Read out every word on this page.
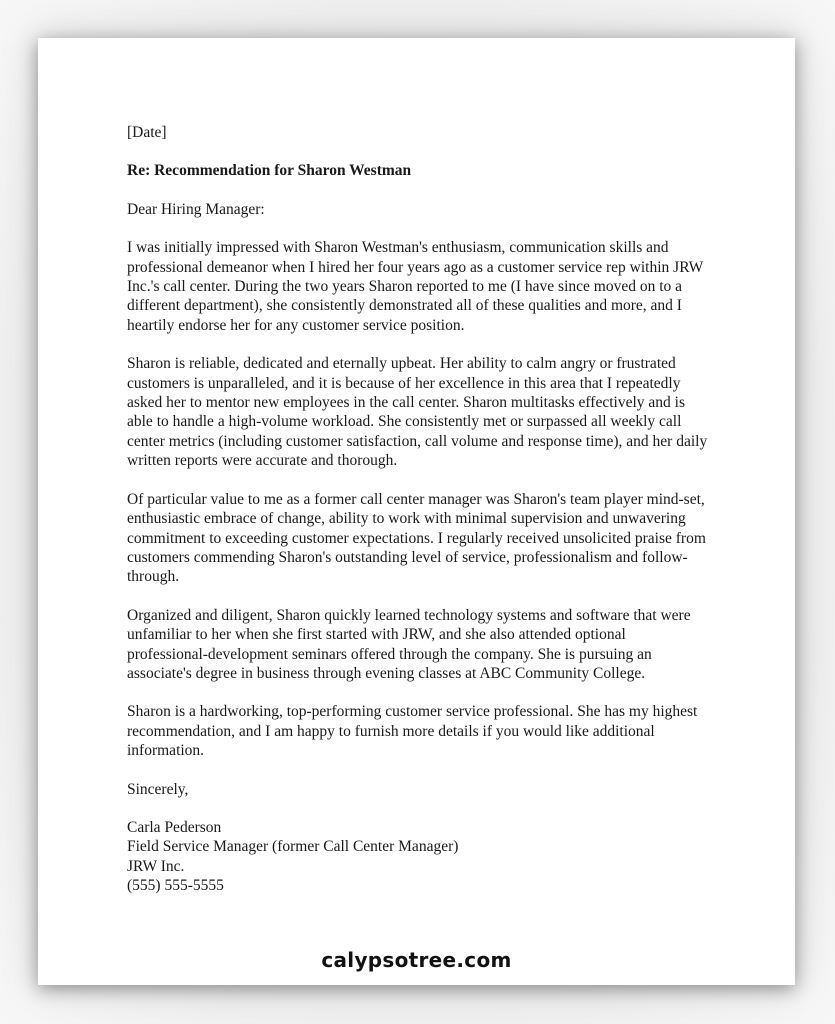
[Date]
Re: Recommendation for Sharon Westman
Dear Hiring Manager:

I was initially impressed with Sharon Westman's enthusiasm, communication skills and professional demeanor when I hired her four years ago as a customer service rep within JRW Inc.'s call center. During the two years Sharon reported to me (I have since moved on to a different department), she consistently demonstrated all of these qualities and more, and I heartily endorse her for any customer service position.

Sharon is reliable, dedicated and eternally upbeat. Her ability to calm angry or frustrated customers is unparalleled, and it is because of her excellence in this area that I repeatedly asked her to mentor new employees in the call center. Sharon multitasks effectively and is able to handle a high-volume workload. She consistently met or surpassed all weekly call center metrics (including customer satisfaction, call volume and response time), and her daily written reports were accurate and thorough.

Of particular value to me as a former call center manager was Sharon's team player mind-set, enthusiastic embrace of change, ability to work with minimal supervision and unwavering commitment to exceeding customer expectations. I regularly received unsolicited praise from customers commending Sharon's outstanding level of service, professionalism and follow-through.

Organized and diligent, Sharon quickly learned technology systems and software that were unfamiliar to her when she first started with JRW, and she also attended optional professional-development seminars offered through the company. She is pursuing an associate's degree in business through evening classes at ABC Community College.

Sharon is a hardworking, top-performing customer service professional. She has my highest recommendation, and I am happy to furnish more details if you would like additional information.

Sincerely,
Carla Pederson
Field Service Manager (former Call Center Manager)
JRW Inc.
(555) 555-5555
calypsotree.com
